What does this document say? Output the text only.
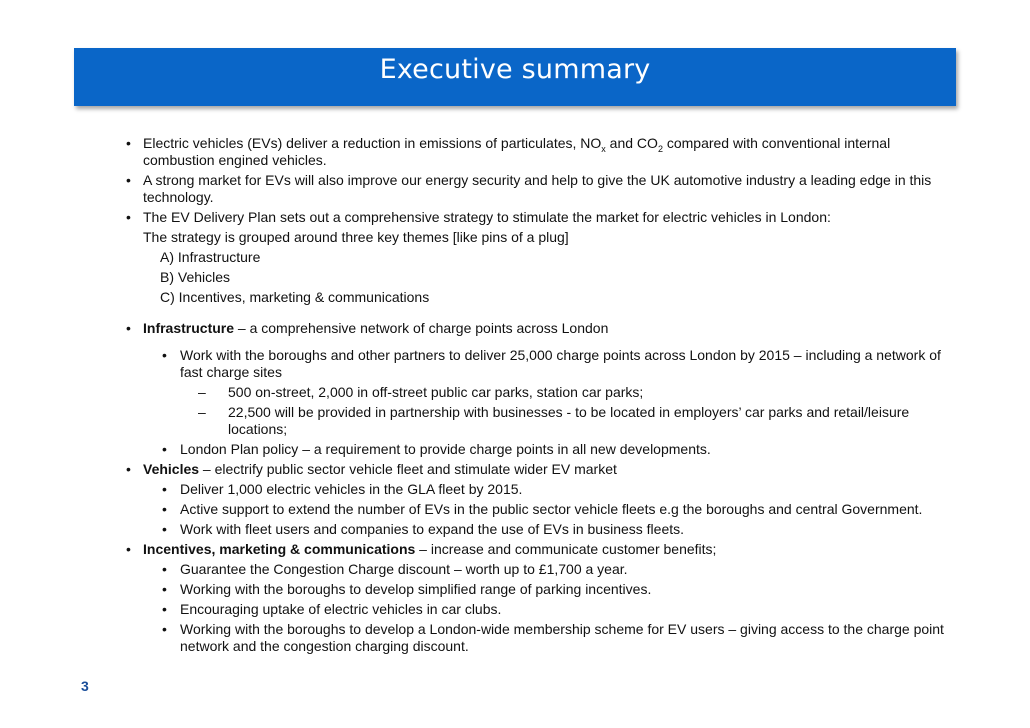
Executive summary
• Electric vehicles (EVs) deliver a reduction in emissions of particulates, $NO_x$ and $CO_2$ compared with conventional internal combustion engined vehicles.
• A strong market for EVs will also improve our energy security and help to give the UK automotive industry a leading edge in this technology.
• The EV Delivery Plan sets out a comprehensive strategy to stimulate the market for electric vehicles in London:
The strategy is grouped around three key themes [like pins of a plug]
A) Infrastructure
B) Vehicles
C) Incentives, marketing & communications
• Infrastructure – a comprehensive network of charge points across London
• Work with the boroughs and other partners to deliver 25,000 charge points across London by 2015 – including a network of fast charge sites
– 500 on-street, 2,000 in off-street public car parks, station car parks;
– 22,500 will be provided in partnership with businesses - to be located in employers’ car parks and retail/leisure locations;
• London Plan policy – a requirement to provide charge points in all new developments.
• Vehicles – electrify public sector vehicle fleet and stimulate wider EV market
• Deliver 1,000 electric vehicles in the GLA fleet by 2015.
• Active support to extend the number of EVs in the public sector vehicle fleets e.g the boroughs and central Government.
• Work with fleet users and companies to expand the use of EVs in business fleets.
• Incentives, marketing & communications – increase and communicate customer benefits;
• Guarantee the Congestion Charge discount – worth up to £1,700 a year.
• Working with the boroughs to develop simplified range of parking incentives.
• Encouraging uptake of electric vehicles in car clubs.
• Working with the boroughs to develop a London-wide membership scheme for EV users – giving access to the charge point network and the congestion charging discount.
3
